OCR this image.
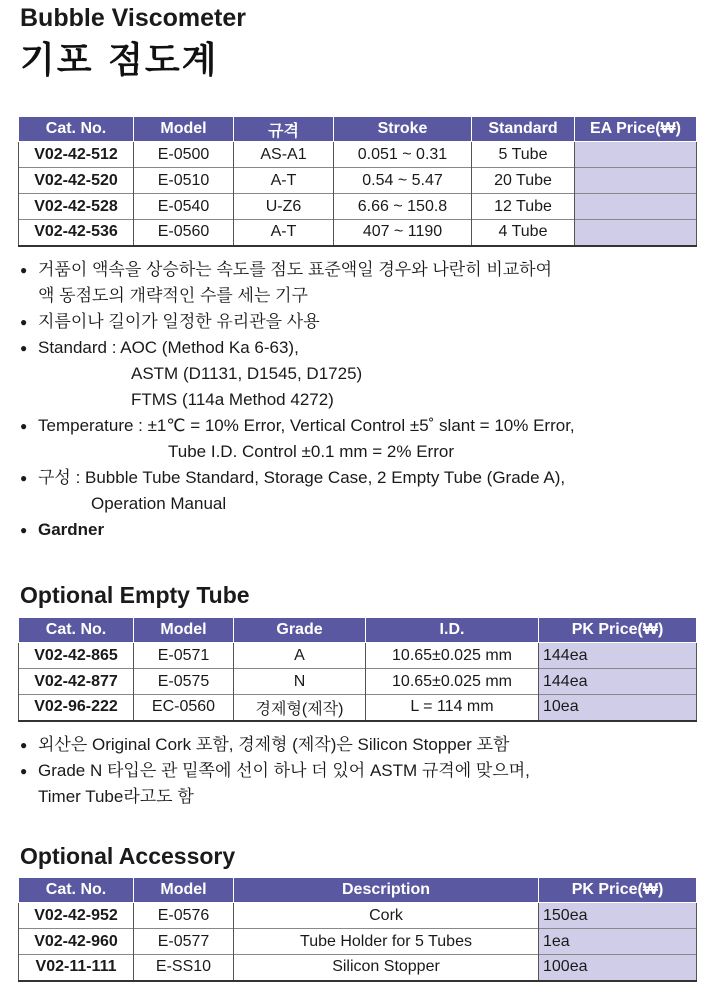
Bubble Viscometer
기포 점도계
Cat. No.	Model	규격	Stroke	Standard	EA Price(₩)
V02-42-512	E-0500	AS-A1	0.051 ~ 0.31	5 Tube	
V02-42-520	E-0510	A-T	0.54 ~ 5.47	20 Tube	
V02-42-528	E-0540	U-Z6	6.66 ~ 150.8	12 Tube	
V02-42-536	E-0560	A-T	407 ~ 1190	4 Tube	
● 거품이 액속을 상승하는 속도를 점도 표준액일 경우와 나란히 비교하여
액 동점도의 개략적인 수를 세는 기구
● 지름이나 길이가 일정한 유리관을 사용
● Standard : AOC (Method Ka 6-63),
ASTM (D1131, D1545, D1725)
FTMS (114a Method 4272)
● Temperature : ±1℃ = 10% Error, Vertical Control ±5˚ slant = 10% Error,
Tube I.D. Control ±0.1 mm = 2% Error
● 구성 : Bubble Tube Standard, Storage Case, 2 Empty Tube (Grade A),
Operation Manual
● Gardner
Optional Empty Tube
Cat. No.	Model	Grade	I.D.	PK Price(₩)
V02-42-865	E-0571	A	10.65±0.025 mm	144ea
V02-42-877	E-0575	N	10.65±0.025 mm	144ea
V02-96-222	EC-0560	경제형(제작)	L = 114 mm	10ea
● 외산은 Original Cork 포함, 경제형 (제작)은 Silicon Stopper 포함
● Grade N 타입은 관 밑쪽에 선이 하나 더 있어 ASTM 규격에 맞으며,
Timer Tube라고도 함
Optional Accessory
Cat. No.	Model	Description	PK Price(₩)
V02-42-952	E-0576	Cork	150ea
V02-42-960	E-0577	Tube Holder for 5 Tubes	1ea
V02-11-111	E-SS10	Silicon Stopper	100ea
